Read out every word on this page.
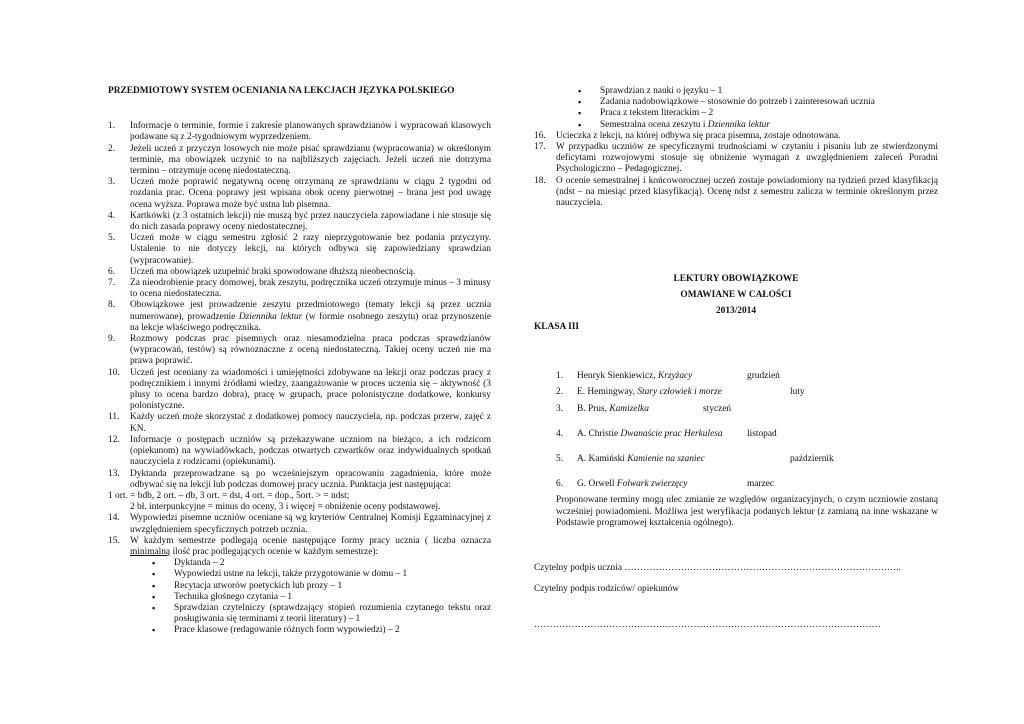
PRZEDMIOTOWY SYSTEM OCENIANIA NA LEKCJACH JĘZYKA POLSKIEGO
1. Informacje o terminie, formie i zakresie planowanych sprawdzianów i wypracowań klasowych podawane są z 2-tygodniowym wyprzedzeniem.
2. Jeżeli uczeń z przyczyn losowych nie może pisać sprawdzianu (wypracowania) w określonym terminie, ma obowiązek uczynić to na najbliższych zajęciach. Jeżeli uczeń nie dotrzyma terminu – otrzymuje ocenę niedostateczną.
3. Uczeń może poprawić negatywną ocenę otrzymaną ze sprawdzianu w ciągu 2 tygodni od rozdania prac. Ocena poprawy jest wpisana obok oceny pierwotnej – brana jest pod uwagę ocena wyższa. Poprawa może być ustna lub pisemna.
4. Kartkówki (z 3 ostatnich lekcji) nie muszą być przez nauczyciela zapowiadane i nie stosuje się do nich zasada poprawy oceny niedostatecznej.
5. Uczeń może w ciągu semestru zgłosić 2 razy nieprzygotowanie bez podania przyczyny. Ustalenie to nie dotyczy lekcji, na których odbywa się zapowiedziany sprawdzian (wypracowanie).
6. Uczeń ma obowiązek uzupełnić braki spowodowane dłuższą nieobecnością.
7. Za nieodrobienie pracy domowej, brak zeszytu, podręcznika uczeń otrzymuje minus – 3 minusy to ocena niedostateczna.
8. Obowiązkowe jest prowadzenie zeszytu przedmiotowego (tematy lekcji są przez ucznia numerowane), prowadzenie Dziennika lektur (w formie osobnego zeszytu) oraz przynoszenie na lekcje właściwego podręcznika.
9. Rozmowy podczas prac pisemnych oraz niesamodzielna praca podczas sprawdzianów (wypracowań, testów) są równoznaczne z oceną niedostateczną. Takiej oceny uczeń nie ma prawa poprawić.
10. Uczeń jest oceniany za wiadomości i umiejętności zdobywane na lekcji oraz podczas pracy z podręcznikiem i innymi źródłami wiedzy, zaangażowanie w proces uczenia się – aktywność (3 plusy to ocena bardzo dobra), pracę w grupach, prace polonistyczne dodatkowe, konkursy polonistyczne.
11. Każdy uczeń może skorzystać z dodatkowej pomocy nauczyciela, np. podczas przerw, zajęć z KN.
12. Informacje o postępach uczniów są przekazywane uczniom na bieżąco, a ich rodzicom (opiekunom) na wywiadówkach, podczas otwartych czwartków oraz indywidualnych spotkań nauczyciela z rodzicami (opiekunami).
13. Dyktanda przeprowadzane są po wcześniejszym opracowaniu zagadnienia, które może odbywać się na lekcji lub podczas domowej pracy ucznia. Punktacja jest następująca:
1 ort. = bdb, 2 ort. – db, 3 ort. = dst, 4 ort. = dop., 5ort. > = ndst;
2 bł. interpunkcyjne = minus do oceny, 3 i więcej = obniżenie oceny podstawowej.
14. Wypowiedzi pisemne uczniów oceniane są wg kryteriów Centralnej Komisji Egzaminacyjnej z uwzględnieniem specyficznych potrzeb ucznia.
15. W każdym semestrze podlegają ocenie następujące formy pracy ucznia ( liczba oznacza minimalną ilość prac podlegających ocenie w każdym semestrze):
▪ Dyktanda – 2
▪ Wypowiedzi ustne na lekcji, także przygotowanie w domu – 1
▪ Recytacja utworów poetyckich lub prozy – 1
▪ Technika głośnego czytania – 1
▪ Sprawdzian czytelniczy (sprawdzający stopień rozumienia czytanego tekstu oraz posługiwania się terminami z teorii literatury) – 1
▪ Prace klasowe (redagowanie różnych form wypowiedzi) – 2
▪ Sprawdzian z nauki o języku – 1
▪ Zadania nadobowiązkowe – stosownie do potrzeb i zainteresowań ucznia
▪ Praca z tekstem literackim – 2
▪ Semestralna ocena zeszytu i Dziennika lektur
16. Ucieczka z lekcji, na której odbywa się praca pisemna, zostaje odnotowana.
17. W przypadku uczniów ze specyficznymi trudnościami w czytaniu i pisaniu lub ze stwierdzonymi deficytami rozwojowymi stosuje się obniżenie wymagań z uwzględnieniem zaleceń Poradni Psychologiczno – Pedagogicznej.
18. O ocenie semestralnej i końcoworocznej uczeń zostaje powiadomiony na tydzień przed klasyfikacją (ndst – na miesiąc przed klasyfikacją). Ocenę ndst z semestru zalicza w terminie określonym przez nauczyciela.
LEKTURY OBOWIĄZKOWE
OMAWIANE W CAŁOŚCI
2013/2014
KLASA III
1. Henryk Sienkiewicz, Krzyżacy	grudzień
2. E. Hemingway, Stary człowiek i morze	luty
3. B. Prus, Kamizelka	styczeń
4. A. Christie Dwanaście prac Herkulesa	listopad
5. A. Kamiński Kamienie na szaniec	październik
6. G. Orwell Folwark zwierzęcy	marzec
Proponowane terminy mogą ulec zmianie ze względów organizacyjnych, o czym uczniowie zostaną wcześniej powiadomieni. Możliwa jest weryfikacja podanych lektur (z zamianą na inne wskazane w Podstawie programowej kształcenia ogólnego).
Czytelny podpis ucznia ……………………………………………………………………………..
Czytelny podpis rodziców/ opiekunów
…………………………………………………………………………………………………
